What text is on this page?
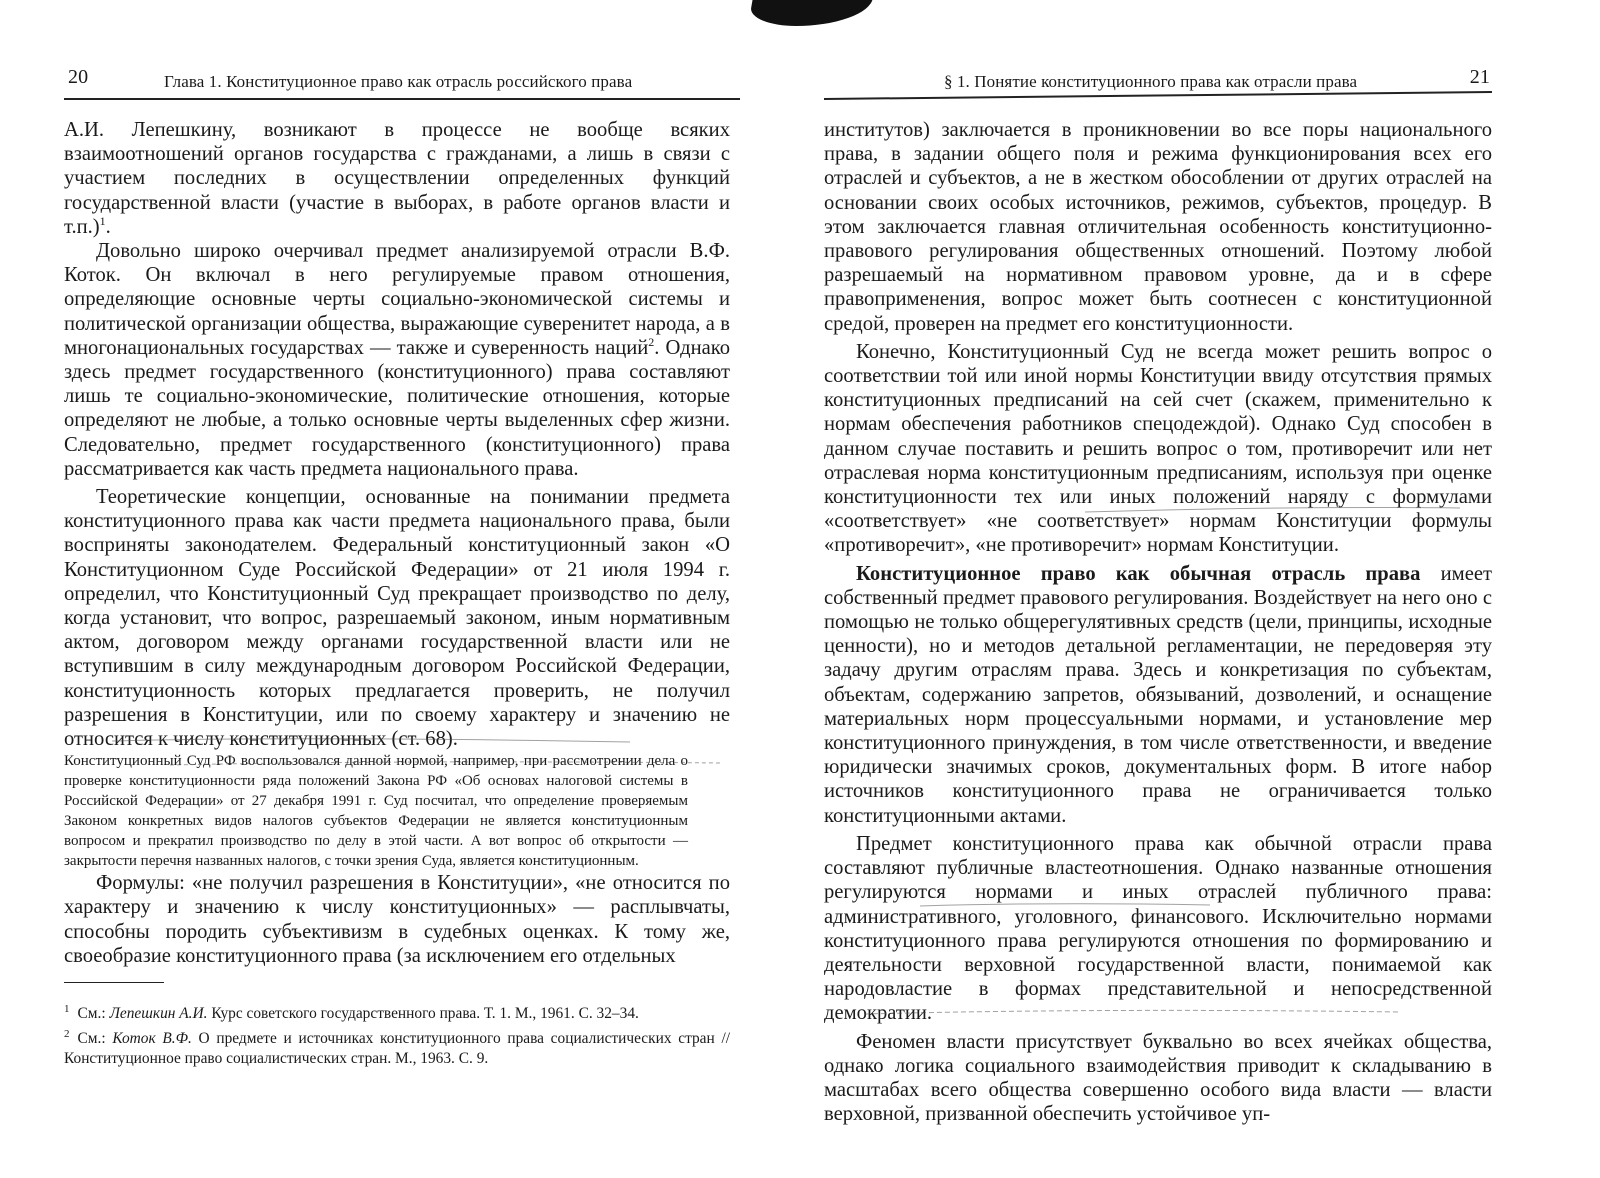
20	Глава 1. Конституционное право как отрасль российского права

А.И. Лепешкину, возникают в процессе не вообще всяких взаимоотношений органов государства с гражданами, а лишь в связи с участием последних в осуществлении определенных функций государственной власти (участие в выборах, в работе органов власти и т.п.)$^1$.

Довольно широко очерчивал предмет анализируемой отрасли В.Ф. Коток. Он включал в него регулируемые правом отношения, определяющие основные черты социально-экономической системы и политической организации общества, выражающие суверенитет народа, а в многонациональных государствах — также и суверенность наций$^2$. Однако здесь предмет государственного (конституционного) права составляют лишь те социально-экономические, политические отношения, которые определяют не любые, а только основные черты выделенных сфер жизни. Следовательно, предмет государственного (конституционного) права рассматривается как часть предмета национального права.

Теоретические концепции, основанные на понимании предмета конституционного права как части предмета национального права, были восприняты законодателем. Федеральный конституционный закон «О Конституционном Суде Российской Федерации» от 21 июля 1994 г. определил, что Конституционный Суд прекращает производство по делу, когда установит, что вопрос, разрешаемый законом, иным нормативным актом, договором между органами государственной власти или не вступившим в силу международным договором Российской Федерации, конституционность которых предлагается проверить, не получил разрешения в Конституции, или по своему характеру и значению не относится к числу конституционных (ст. 68).

Конституционный Суд РФ воспользовался данной нормой, например, при рассмотрении дела о проверке конституционности ряда положений Закона РФ «Об основах налоговой системы в Российской Федерации» от 27 декабря 1991 г. Суд посчитал, что определение проверяемым Законом конкретных видов налогов субъектов Федерации не является конституционным вопросом и прекратил производство по делу в этой части. А вот вопрос об открытости — закрытости перечня названных налогов, с точки зрения Суда, является конституционным.

Формулы: «не получил разрешения в Конституции», «не относится по характеру и значению к числу конституционных» — расплывчаты, способны породить субъективизм в судебных оценках. К тому же, своеобразие конституционного права (за исключением его отдельных

$^1$ См.: Лепешкин А.И. Курс советского государственного права. Т. 1. М., 1961. С. 32–34.

$^2$ См.: Коток В.Ф. О предмете и источниках конституционного права социалистических стран // Конституционное право социалистических стран. М., 1963. С. 9.

§ 1. Понятие конституционного права как отрасли права	21

институтов) заключается в проникновении во все поры национального права, в задании общего поля и режима функционирования всех его отраслей и субъектов, а не в жестком обособлении от других отраслей на основании своих особых источников, режимов, субъектов, процедур. В этом заключается главная отличительная особенность конституционно-правового регулирования общественных отношений. Поэтому любой разрешаемый на нормативном правовом уровне, да и в сфере правоприменения, вопрос может быть соотнесен с конституционной средой, проверен на предмет его конституционности.

Конечно, Конституционный Суд не всегда может решить вопрос о соответствии той или иной нормы Конституции ввиду отсутствия прямых конституционных предписаний на сей счет (скажем, применительно к нормам обеспечения работников спецодеждой). Однако Суд способен в данном случае поставить и решить вопрос о том, противоречит или нет отраслевая норма конституционным предписаниям, используя при оценке конституционности тех или иных положений наряду с формулами «соответствует» «не соответствует» нормам Конституции формулы «противоречит», «не противоречит» нормам Конституции.

Конституционное право как обычная отрасль права имеет собственный предмет правового регулирования. Воздействует на него оно с помощью не только общерегулятивных средств (цели, принципы, исходные ценности), но и методов детальной регламентации, не передоверяя эту задачу другим отраслям права. Здесь и конкретизация по субъектам, объектам, содержанию запретов, обязываний, дозволений, и оснащение материальных норм процессуальными нормами, и установление мер конституционного принуждения, в том числе ответственности, и введение юридически значимых сроков, документальных форм. В итоге набор источников конституционного права не ограничивается только конституционными актами.

Предмет конституционного права как обычной отрасли права составляют публичные властеотношения. Однако названные отношения регулируются нормами и иных отраслей публичного права: административного, уголовного, финансового. Исключительно нормами конституционного права регулируются отношения по формированию и деятельности верховной государственной власти, понимаемой как народовластие в формах представительной и непосредственной демократии.

Феномен власти присутствует буквально во всех ячейках общества, однако логика социального взаимодействия приводит к складыванию в масштабах всего общества совершенно особого вида власти — власти верховной, призванной обеспечить устойчивое уп-
